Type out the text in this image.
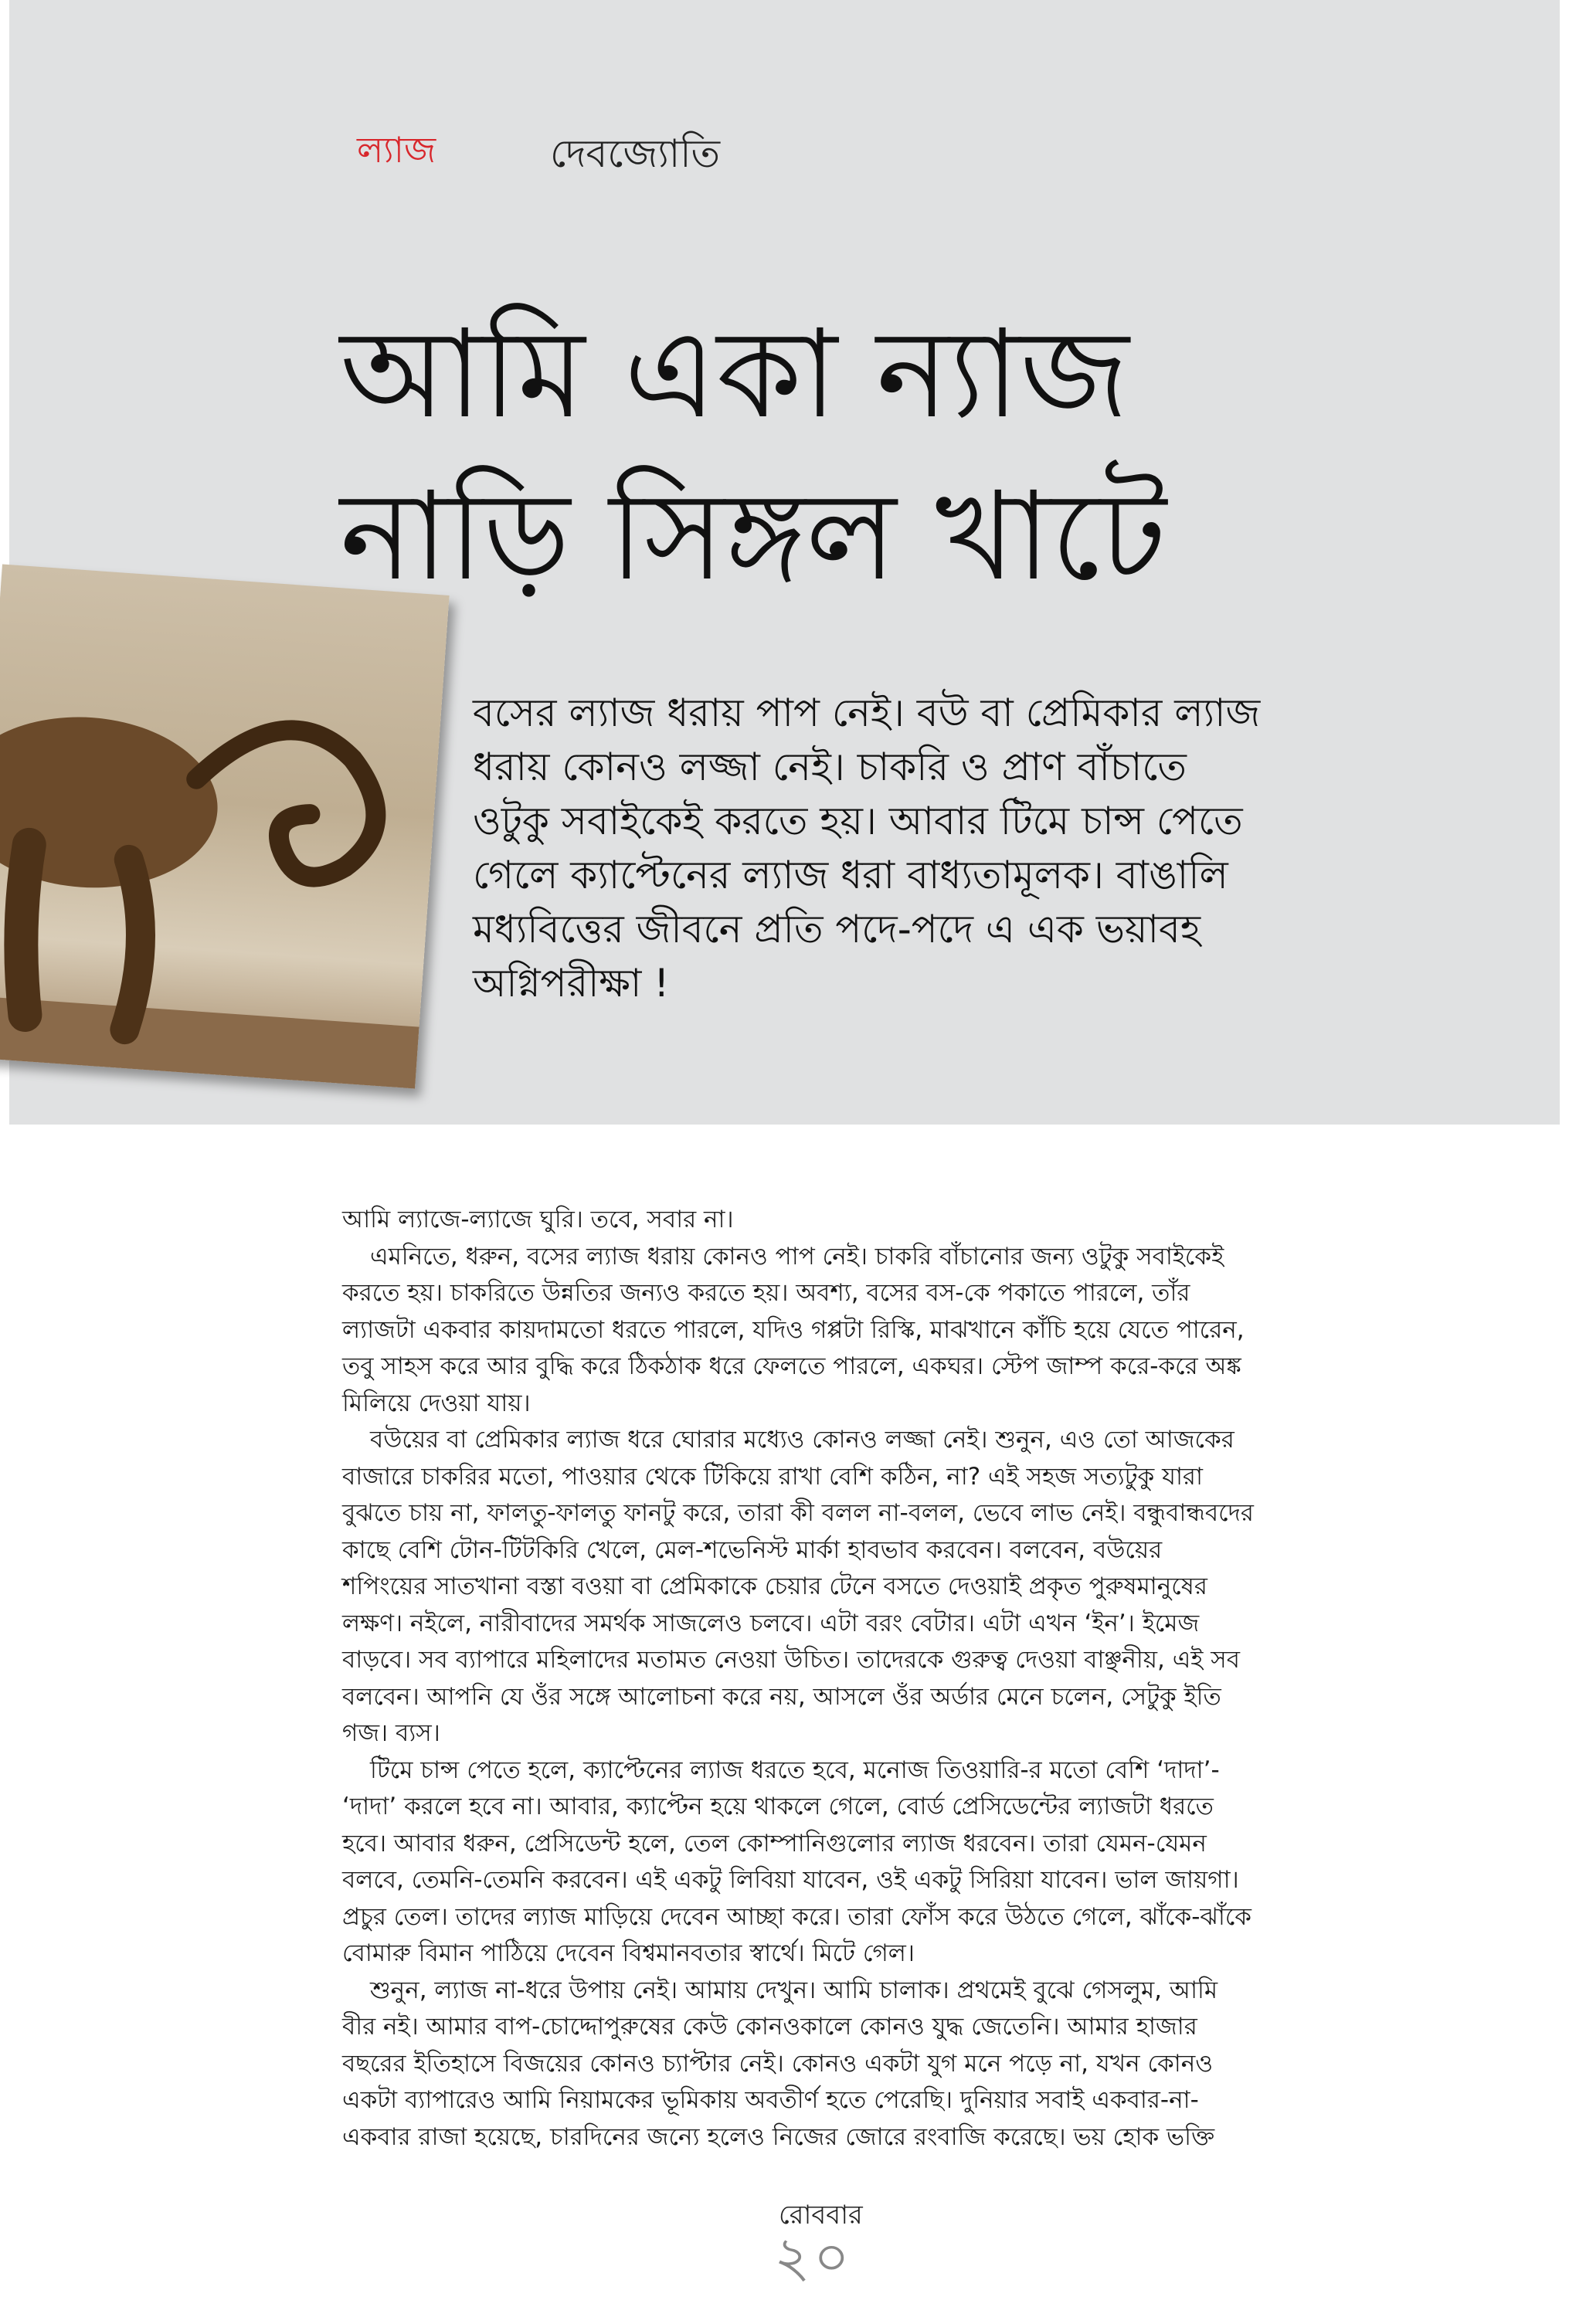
ল্যাজ	দেবজ্যোতি
আমি একা ন্যাজ
নাড়ি সিঙ্গল খাটে
বসের ল্যাজ ধরায় পাপ নেই। বউ বা প্রেমিকার ল্যাজ
ধরায় কোনও লজ্জা নেই। চাকরি ও প্রাণ বাঁচাতে
ওটুকু সবাইকেই করতে হয়। আবার টিমে চান্স পেতে
গেলে ক্যাপ্টেনের ল্যাজ ধরা বাধ্যতামূলক। বাঙালি
মধ্যবিত্তের জীবনে প্রতি পদে-পদে এ এক ভয়াবহ
অগ্নিপরীক্ষা !
আমি ল্যাজে-ল্যাজে ঘুরি। তবে, সবার না।
এমনিতে, ধরুন, বসের ল্যাজ ধরায় কোনও পাপ নেই। চাকরি বাঁচানোর জন্য ওটুকু সবাইকেই
করতে হয়। চাকরিতে উন্নতির জন্যও করতে হয়। অবশ্য, বসের বস-কে পকাতে পারলে, তাঁর
ল্যাজটা একবার কায়দামতো ধরতে পারলে, যদিও গপ্পটা রিস্কি, মাঝখানে কাঁচি হয়ে যেতে পারেন,
তবু সাহস করে আর বুদ্ধি করে ঠিকঠাক ধরে ফেলতে পারলে, একঘর। স্টেপ জাম্প করে-করে অঙ্ক
মিলিয়ে দেওয়া যায়।
বউয়ের বা প্রেমিকার ল্যাজ ধরে ঘোরার মধ্যেও কোনও লজ্জা নেই। শুনুন, এও তো আজকের
বাজারে চাকরির মতো, পাওয়ার থেকে টিকিয়ে রাখা বেশি কঠিন, না? এই সহজ সত্যটুকু যারা
বুঝতে চায় না, ফালতু-ফালতু ফানটু করে, তারা কী বলল না-বলল, ভেবে লাভ নেই। বন্ধুবান্ধবদের
কাছে বেশি টোন-টিটকিরি খেলে, মেল-শভেনিস্ট মার্কা হাবভাব করবেন। বলবেন, বউয়ের
শপিংয়ের সাতখানা বস্তা বওয়া বা প্রেমিকাকে চেয়ার টেনে বসতে দেওয়াই প্রকৃত পুরুষমানুষের
লক্ষণ। নইলে, নারীবাদের সমর্থক সাজলেও চলবে। এটা বরং বেটার। এটা এখন ‘ইন’। ইমেজ
বাড়বে। সব ব্যাপারে মহিলাদের মতামত নেওয়া উচিত। তাদেরকে গুরুত্ব দেওয়া বাঞ্ছনীয়, এই সব
বলবেন। আপনি যে ওঁর সঙ্গে আলোচনা করে নয়, আসলে ওঁর অর্ডার মেনে চলেন, সেটুকু ইতি
গজ। ব্যস।
টিমে চান্স পেতে হলে, ক্যাপ্টেনের ল্যাজ ধরতে হবে, মনোজ তিওয়ারি-র মতো বেশি ‘দাদা’-
‘দাদা’ করলে হবে না। আবার, ক্যাপ্টেন হয়ে থাকলে গেলে, বোর্ড প্রেসিডেন্টের ল্যাজটা ধরতে
হবে। আবার ধরুন, প্রেসিডেন্ট হলে, তেল কোম্পানিগুলোর ল্যাজ ধরবেন। তারা যেমন-যেমন
বলবে, তেমনি-তেমনি করবেন। এই একটু লিবিয়া যাবেন, ওই একটু সিরিয়া যাবেন। ভাল জায়গা।
প্রচুর তেল। তাদের ল্যাজ মাড়িয়ে দেবেন আচ্ছা করে। তারা ফোঁস করে উঠতে গেলে, ঝাঁকে-ঝাঁকে
বোমারু বিমান পাঠিয়ে দেবেন বিশ্বমানবতার স্বার্থে। মিটে গেল।
শুনুন, ল্যাজ না-ধরে উপায় নেই। আমায় দেখুন। আমি চালাক। প্রথমেই বুঝে গেসলুম, আমি
বীর নই। আমার বাপ-চোদ্দোপুরুষের কেউ কোনওকালে কোনও যুদ্ধ জেতেনি। আমার হাজার
বছরের ইতিহাসে বিজয়ের কোনও চ্যাপ্টার নেই। কোনও একটা যুগ মনে পড়ে না, যখন কোনও
একটা ব্যাপারেও আমি নিয়ামকের ভূমিকায় অবতীর্ণ হতে পেরেছি। দুনিয়ার সবাই একবার-না-
একবার রাজা হয়েছে, চারদিনের জন্যে হলেও নিজের জোরে রংবাজি করেছে। ভয় হোক ভক্তি
রোববার
২০
